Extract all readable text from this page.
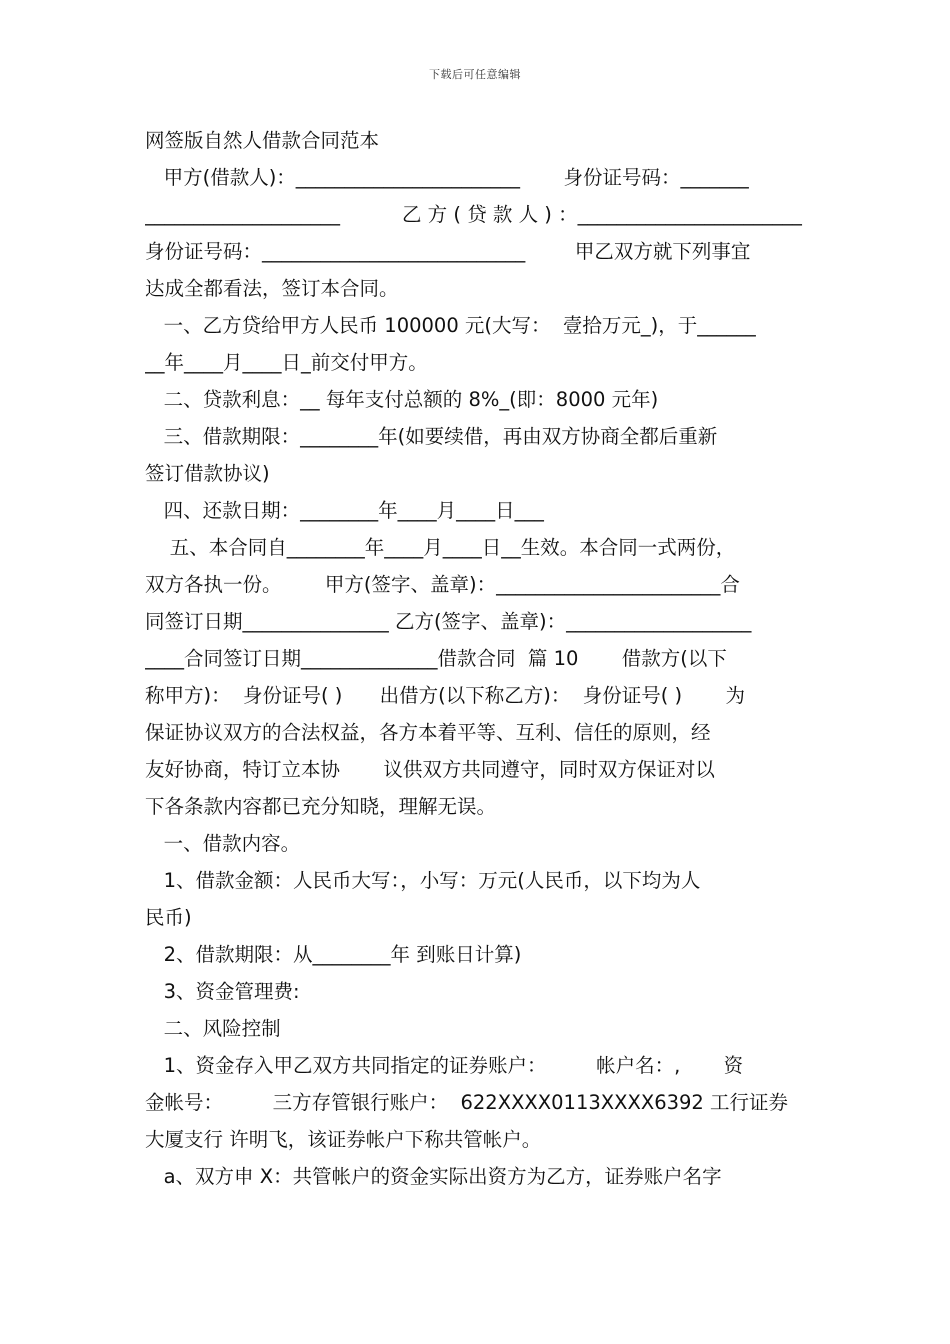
下载后可任意编辑
网签版自然人借款合同范本
甲方(借款人)：_______________________       身份证号码：_______
____________________          乙 方 ( 贷 款 人 ) ：_______________________
身份证号码：___________________________        甲乙双方就下列事宜
达成全都看法，签订本合同。
一、乙方贷给甲方人民币 100000 元(大写：  壹拾万元_)，于______
__年____月____日_前交付甲方。
二、贷款利息：__ 每年支付总额的 8%_(即：8000 元年)
三、借款期限：________年(如要续借，再由双方协商全都后重新
签订借款协议)
四、还款日期：________年____月____日___
五、本合同自________年____月____日__生效。本合同一式两份，
双方各执一份。       甲方(签字、盖章)：_______________________合
同签订日期_______________ 乙方(签字、盖章)：___________________
____合同签订日期______________借款合同  篇 10       借款方(以下
称甲方)：  身份证号( )      出借方(以下称乙方)：  身份证号( )       为
保证协议双方的合法权益，各方本着平等、互利、信任的原则，经
友好协商，特订立本协       议供双方共同遵守，同时双方保证对以
下各条款内容都已充分知晓，理解无误。
一、借款内容。
1、借款金额：人民币大写：，小写：万元(人民币，以下均为人
民币)
2、借款期限：从________年 到账日计算)
3、资金管理费:
二、风险控制
1、资金存入甲乙双方共同指定的证券账户：        帐户名：,       资
金帐号：        三方存管银行账户：  622XXXX0113XXXX6392 工行证券
大厦支行 许明飞，该证券帐户下称共管帐户。
a、双方申 X：共管帐户的资金实际出资方为乙方，证券账户名字
